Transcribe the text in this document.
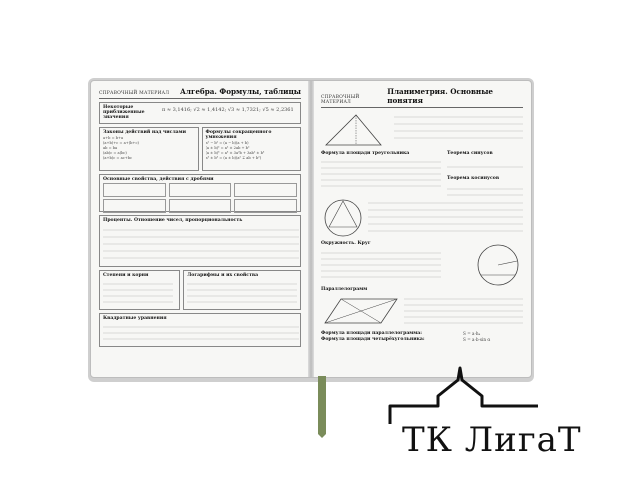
СПРАВОЧНЫЙ МАТЕРИАЛ Алгебра. Формулы, таблицы
Некоторые приближенные значения
π ≈ 3,1416; √2 ≈ 1,4142; √3 ≈ 1,7321; √5 ≈ 2,2361
Законы действий над числами
a+b = b+a
(a+b)+c = a+(b+c)
ab = ba
(ab)c = a(bc)
(a+b)c = ac+bc
Формулы сокращенного умножения
a² − b² = (a − b)(a + b)
(a ± b)² = a² ± 2ab + b²
(a ± b)³ = a³ ± 3a²b + 3ab² ± b³
a³ ± b³ = (a ± b)(a² ∓ ab + b²)
Основные свойства, действия с дробями
Проценты. Отношение чисел, пропорциональность
Степени и корни	Логарифмы и их свойства
Квадратные уравнения
СПРАВОЧНЫЙ МАТЕРИАЛ
Планиметрия. Основные понятия
Формула площади треугольника	Теорема синусов
Теорема косинусов
Окружность. Круг
Параллелограмм
Формула площади параллелограмма:	S = a·hₐ
Формула площади четырёхугольника:	S = a·b·sin α
ТК ЛигаТ
